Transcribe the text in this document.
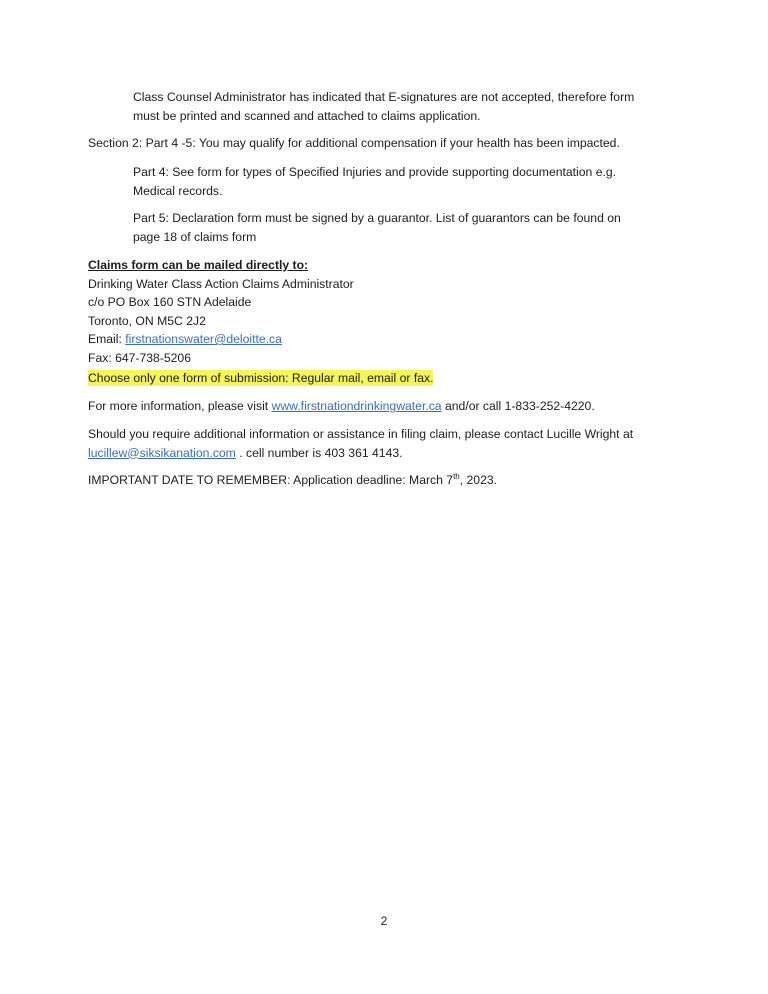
Class Counsel Administrator has indicated that E-signatures are not accepted, therefore form

must be printed and scanned and attached to claims application.

Section 2: Part 4 -5: You may qualify for additional compensation if your health has been impacted.

Part 4: See form for types of Specified Injuries and provide supporting documentation e.g.

Medical records.

Part 5: Declaration form must be signed by a guarantor. List of guarantors can be found on

page 18 of claims form

Claims form can be mailed directly to:

Drinking Water Class Action Claims Administrator

c/o PO Box 160 STN Adelaide

Toronto, ON M5C 2J2

Email: firstnationswater@deloitte.ca

Fax: 647-738-5206

Choose only one form of submission: Regular mail, email or fax.

For more information, please visit www.firstnationdrinkingwater.ca and/or call 1-833-252-4220.

Should you require additional information or assistance in filing claim, please contact Lucille Wright at

lucillew@siksikanation.com . cell number is 403 361 4143.

IMPORTANT DATE TO REMEMBER: Application deadline: March 7th, 2023.

2
